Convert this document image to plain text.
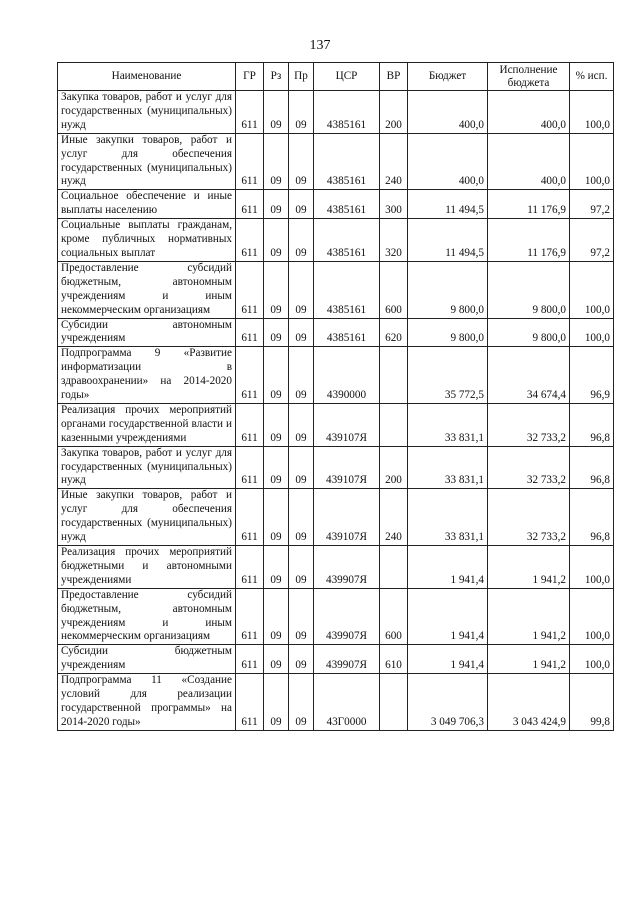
137
Наименование	ГР	Рз	Пр	ЦСР	ВР	Бюджет	Исполнение бюджета	% исп.
Закупка товаров, работ и услуг для государственных (муниципальных) нужд	611	09	09	4385161	200	400,0	400,0	100,0
Иные закупки товаров, работ и услуг для обеспечения государственных (муниципальных) нужд	611	09	09	4385161	240	400,0	400,0	100,0
Социальное обеспечение и иные выплаты населению	611	09	09	4385161	300	11 494,5	11 176,9	97,2
Социальные выплаты гражданам, кроме публичных нормативных социальных выплат	611	09	09	4385161	320	11 494,5	11 176,9	97,2
Предоставление субсидий бюджетным, автономным учреждениям и иным некоммерческим организациям	611	09	09	4385161	600	9 800,0	9 800,0	100,0
Субсидии автономным учреждениям	611	09	09	4385161	620	9 800,0	9 800,0	100,0
Подпрограмма 9 «Развитие информатизации в здравоохранении» на 2014-2020 годы»	611	09	09	4390000		35 772,5	34 674,4	96,9
Реализация прочих мероприятий органами государственной власти и казенными учреждениями	611	09	09	439107Я		33 831,1	32 733,2	96,8
Закупка товаров, работ и услуг для государственных (муниципальных) нужд	611	09	09	439107Я	200	33 831,1	32 733,2	96,8
Иные закупки товаров, работ и услуг для обеспечения государственных (муниципальных) нужд	611	09	09	439107Я	240	33 831,1	32 733,2	96,8
Реализация прочих мероприятий бюджетными и автономными учреждениями	611	09	09	439907Я		1 941,4	1 941,2	100,0
Предоставление субсидий бюджетным, автономным учреждениям и иным некоммерческим организациям	611	09	09	439907Я	600	1 941,4	1 941,2	100,0
Субсидии бюджетным учреждениям	611	09	09	439907Я	610	1 941,4	1 941,2	100,0
Подпрограмма 11 «Создание условий для реализации государственной программы» на 2014-2020 годы»	611	09	09	43Г0000		3 049 706,3	3 043 424,9	99,8
